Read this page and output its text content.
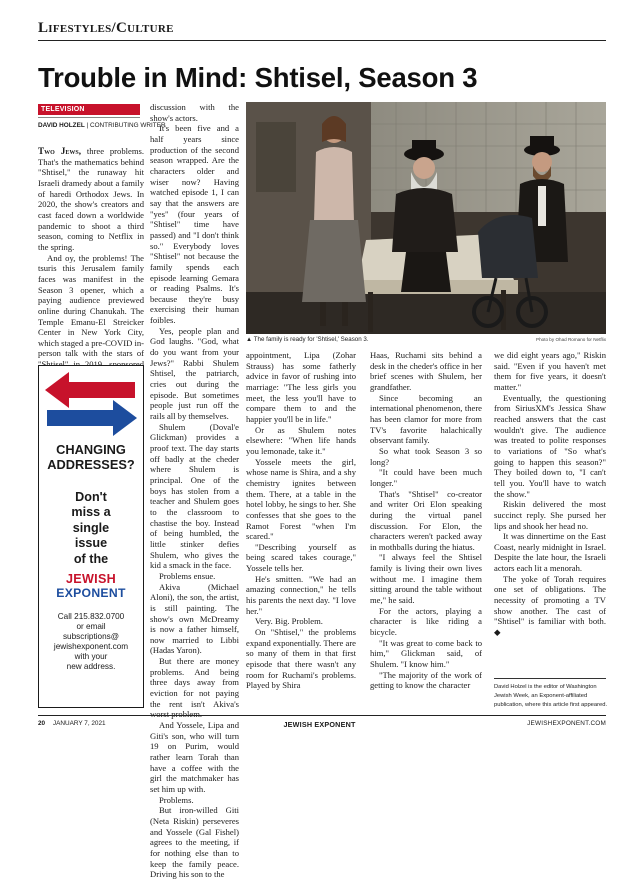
Lifestyles/Culture
Trouble in Mind: Shtisel, Season 3
TELEVISION
DAVID HOLZEL | CONTRIBUTING WRITER

Two Jews, three problems. That's the mathematics behind "Shtisel," the runaway hit Israeli dramedy about a family of haredi Orthodox Jews. In 2020, the show's creators and cast faced down a worldwide pandemic to shoot a third season, coming to Netflix in the spring.

And oy, the problems! The tsuris this Jerusalem family faces was manifest in the Season 3 opener, which a paying audience previewed online during Chanukah. The Temple Emanu-El Streicker Center in New York City, which staged a pre-COVID in-person talk with the stars of

discussion with the show's actors.

It's been five and a half years since production of the second season wrapped. Are the characters older and wiser now? Having watched episode 1, I can say that the answers are "yes" (four years of "Shtisel" time have passed) and "I don't think so." Everybody loves "Shtisel" not because the family spends each episode learning Gemara or reading Psalms. It's because they're busy exercising their human foibles.

Yes, people plan and God laughs. "God, what do you want from your Jews?" Rabbi Shulem Shtisel, the patriarch, cries out during the episode. But sometimes people just run off the rails all by themselves.

Shulem (Doval'e Glickman) provides a proof text. The day starts off badly at the cheder where Shulem is principal. One of the boys has stolen from a teacher and Shulem goes to the classroom to chastise the boy. Instead of being humbled, the little stinker defies Shulem, who gives the kid a smack in the face.

Problems ensue.

Akiva (Michael Aloni), the son, the artist, is still painting. The show's own McDreamy is now a father himself, now married to Libbi (Hadas Yaron).

But there are money problems. And being three days away from eviction for not paying the rent isn't Akiva's worst problem.

And Yossele, Lipa and Giti's son, who will turn 19 on Purim, would rather learn Torah than have a coffee with the girl the matchmaker has set him up with.

Problems.

But iron-willed Giti (Neta Riskin) perseveres and Yossele (Gal Fishel) agrees to the meeting, if for nothing else than to keep the family peace. Driving his son to the

▲ The family is ready for 'Shtisel,' Season 3.	Photo by Ohad Romano for Netflix

appointment, Lipa (Zohar Strauss) has some fatherly advice in favor of rushing into marriage: "The less girls you meet, the less you'll have to compare them to and the happier you'll be in life."

Or as Shulem notes elsewhere: "When life hands you lemonade, take it."

Yossele meets the girl, whose name is Shira, and a shy chemistry ignites between them. There, at a table in the hotel lobby, he sings to her. She confesses that she goes to the Ramot Forest "when I'm scared."

"Describing yourself as being scared takes courage," Yossele tells her.

He's smitten. "We had an amazing connection," he tells his parents the next day. "I love her."

Very. Big. Problem.

On "Shtisel," the problems expand exponentially. There are so many of them in that first episode that there wasn't any room for Ruchami's problems. Played by Shira

Haas, Ruchami sits behind a desk in the cheder's office in her brief scenes with Shulem, her grandfather.

Since becoming an international phenomenon, there has been clamor for more from TV's favorite halachically observant family.

So what took Season 3 so long?

"It could have been much longer."

That's "Shtisel" co-creator and writer Ori Elon speaking during the virtual panel discussion. For Elon, the characters weren't packed away in mothballs during the hiatus.

"I always feel the Shtisel family is living their own lives without me. I imagine them sitting around the table without me," he said.

For the actors, playing a character is like riding a bicycle.

"It was great to come back to him," Glickman said, of Shulem. "I know him."

"The majority of the work of getting to know the character

we did eight years ago," Riskin said. "Even if you haven't met them for five years, it doesn't matter."

Eventually, the questioning from SiriusXM's Jessica Shaw reached answers that the cast wouldn't give. The audience was treated to polite responses to variations of "So what's going to happen this season?" They boiled down to, "I can't tell you. You'll have to watch the show."

Riskin delivered the most succinct reply. She pursed her lips and shook her head no.

It was dinnertime on the East Coast, nearly midnight in Israel. Despite the late hour, the Israeli actors each lit a menorah.

The yoke of Torah requires one set of obligations. The necessity of promoting a TV show another. The cast of "Shtisel" is familiar with both. ◆

CHANGING
ADDRESSES?
Don't
miss a
single
issue
of the
JEWISH
EXPONENT
Call 215.832.0700
or email
subscriptions@
jewishexponent.com
with your
new address.
David Holzel is the editor of Washington Jewish Week, an Exponent-affiliated publication, where this article first appeared.
20 JANUARY 7, 2021	JEWISH EXPONENT	JEWISHEXPONENT.COM
